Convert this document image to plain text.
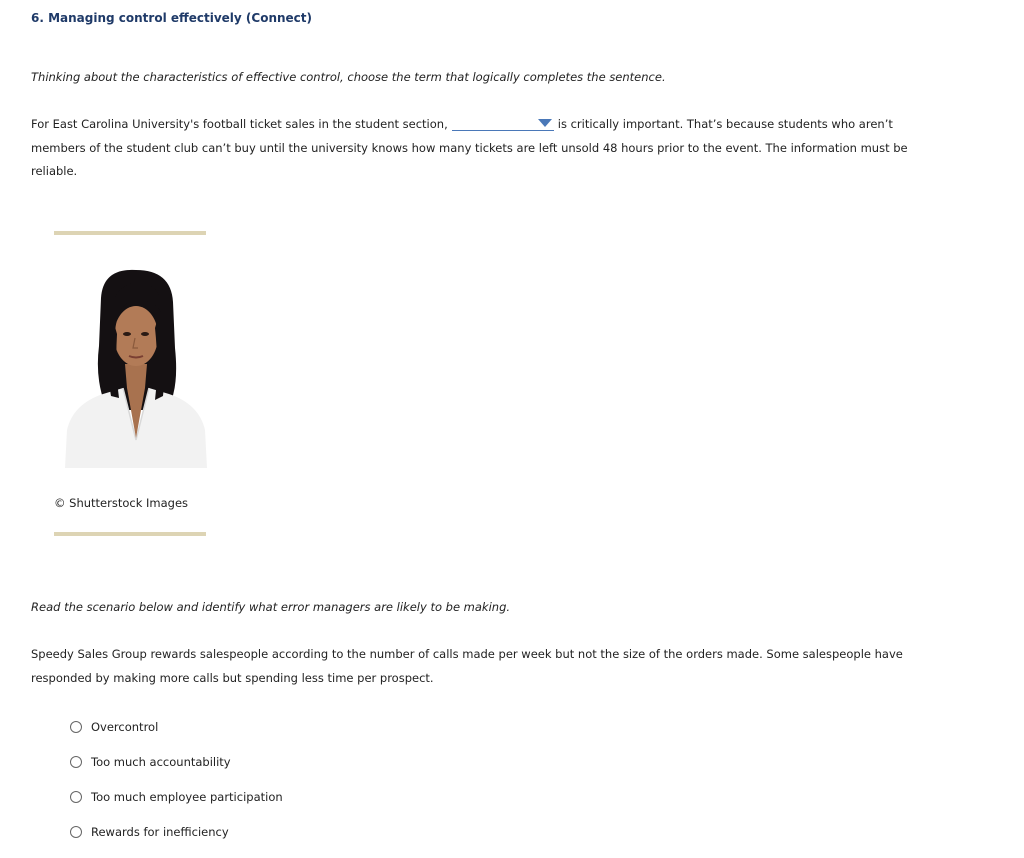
6. Managing control effectively (Connect)

Thinking about the characteristics of effective control, choose the term that logically completes the sentence.

For East Carolina University's football ticket sales in the student section,	is critically important. That’s because students who aren’t members of the student club can’t buy until the university knows how many tickets are left unsold 48 hours prior to the event. The information must be reliable.

© Shutterstock Images

Read the scenario below and identify what error managers are likely to be making.

Speedy Sales Group rewards salespeople according to the number of calls made per week but not the size of the orders made. Some salespeople have responded by making more calls but spending less time per prospect.

Overcontrol
Too much accountability
Too much employee participation
Rewards for inefficiency
